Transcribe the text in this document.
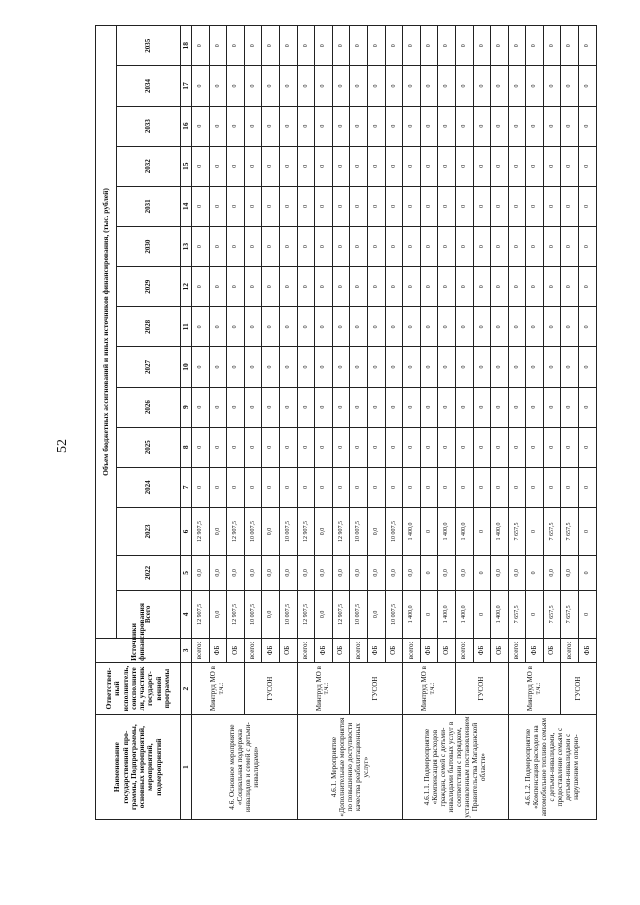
52
Наименование государственной про-граммы, Подпрограммы, основных мероприятий, мероприятий, подмероприятий	Ответствен-ный исполнитель, соисполните ли, участник государст-венной программы	Источники финансирования	Объем бюджетных ассигнований и иных источников финансирования, (тыс. рублей)														
			Всего	2022	2023	2024	2025	2026	2027	2028	2029	2030	2031	2032	2033	2034	2035
1	2	3	4	5	6	7	8	9	10	11	12	13	14	15	16	17	18
4.6. Основное мероприятие «Социальная поддержка инвалидов и семей с детьми-инвалидами»	Минтруд МО в т.ч.:	всего:	12 907,5	0,0	12 907,5	0	0	0	0	0	0	0	0	0	0	0	0
		ФБ	0,0	0,0	0,0	0	0	0	0	0	0	0	0	0	0	0	0
		ОБ	12 907,5	0,0	12 907,5	0	0	0	0	0	0	0	0	0	0	0	0
	ГУСОН	всего:	10 007,5	0,0	10 007,5	0	0	0	0	0	0	0	0	0	0	0	0
		ФБ	0,0	0,0	0,0	0	0	0	0	0	0	0	0	0	0	0	0
		ОБ	10 007,5	0,0	10 007,5	0	0	0	0	0	0	0	0	0	0	0	0
4.6.1. Мероприятие «Дополнительные мероприятия по повышению доступности качества реабилитационных услуг»	Минтруд МО в т.ч.:	всего:	12 907,5	0,0	12 907,5	0	0	0	0	0	0	0	0	0	0	0	0
		ФБ	0,0	0,0	0,0	0	0	0	0	0	0	0	0	0	0	0	0
		ОБ	12 907,5	0,0	12 907,5	0	0	0	0	0	0	0	0	0	0	0	0
	ГУСОН	всего:	10 007,5	0,0	10 007,5	0	0	0	0	0	0	0	0	0	0	0	0
		ФБ	0,0	0,0	0,0	0	0	0	0	0	0	0	0	0	0	0	0
		ОБ	10 007,5	0,0	10 007,5	0	0	0	0	0	0	0	0	0	0	0	0
4.6.1.1. Подмероприятие «Компенсация расходов граждан, семей с детьми-инвалидами бытовых услуг в соответствии с порядком, установленным постановлением Правительства Магаданской области»	Минтруд МО в т.ч.:	всего:	1 400,0	0,0	1 400,0	0	0	0	0	0	0	0	0	0	0	0	0
		ФБ	0	0	0	0	0	0	0	0	0	0	0	0	0	0	0
		ОБ	1 400,0	0,0	1 400,0	0	0	0	0	0	0	0	0	0	0	0	0
	ГУСОН	всего:	1 400,0	0,0	1 400,0	0	0	0	0	0	0	0	0	0	0	0	0
		ФБ	0	0	0	0	0	0	0	0	0	0	0	0	0	0	0
		ОБ	1 400,0	0,0	1 400,0	0	0	0	0	0	0	0	0	0	0	0	0
4.6.1.2. Подмероприятие «Компенсация расходов на автомобильное топливо семьям с детьми-инвалидами, предоставление семьям с детьми-инвалидами с нарушением опорно-	Минтруд МО в т.ч.:	всего:	7 657,5	0,0	7 657,5	0	0	0	0	0	0	0	0	0	0	0	0
		ФБ	0	0	0	0	0	0	0	0	0	0	0	0	0	0	0
		ОБ	7 657,5	0,0	7 657,5	0	0	0	0	0	0	0	0	0	0	0	0
	ГУСОН	всего:	7 657,5	0,0	7 657,5	0	0	0	0	0	0	0	0	0	0	0	0
		ФБ	0	0	0	0	0	0	0	0	0	0	0	0	0	0	0
